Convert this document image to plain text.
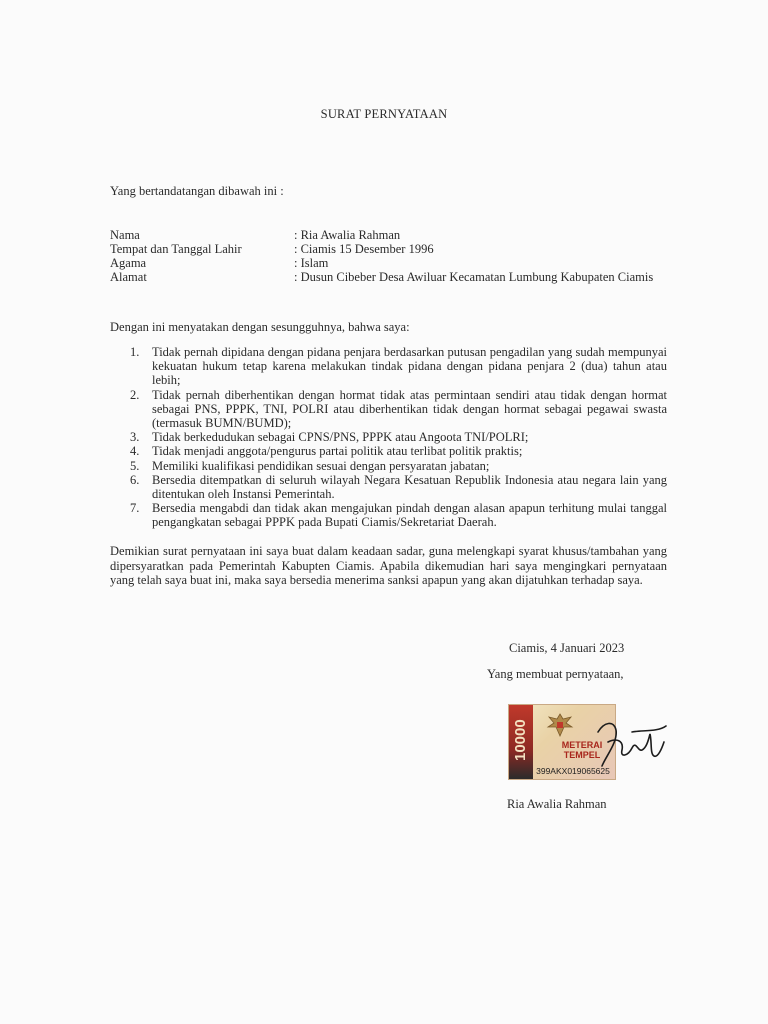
SURAT PERNYATAAN
Yang bertandatangan dibawah ini :
Nama	: Ria Awalia Rahman
Tempat dan Tanggal Lahir	: Ciamis 15 Desember 1996
Agama	: Islam
Alamat	: Dusun Cibeber Desa Awiluar Kecamatan Lumbung Kabupaten Ciamis
Dengan ini menyatakan dengan sesungguhnya, bahwa saya:
1.	Tidak pernah dipidana dengan pidana penjara berdasarkan putusan pengadilan yang sudah mempunyai kekuatan hukum tetap karena melakukan tindak pidana dengan pidana penjara 2 (dua) tahun atau lebih;
2.	Tidak pernah diberhentikan dengan hormat tidak atas permintaan sendiri atau tidak dengan hormat sebagai PNS, PPPK, TNI, POLRI atau diberhentikan tidak dengan hormat sebagai pegawai swasta (termasuk BUMN/BUMD);
3.	Tidak berkedudukan sebagai CPNS/PNS, PPPK atau Angoota TNI/POLRI;
4.	Tidak menjadi anggota/pengurus partai politik atau terlibat politik praktis;
5.	Memiliki kualifikasi pendidikan sesuai dengan persyaratan jabatan;
6.	Bersedia ditempatkan di seluruh wilayah Negara Kesatuan Republik Indonesia atau negara lain yang ditentukan oleh Instansi Pemerintah.
7.	Bersedia mengabdi dan tidak akan mengajukan pindah dengan alasan apapun terhitung mulai tanggal pengangkatan sebagai PPPK pada Bupati Ciamis/Sekretariat Daerah.
Demikian surat pernyataan ini saya buat dalam keadaan sadar, guna melengkapi syarat khusus/tambahan yang dipersyaratkan pada Pemerintah Kabupten Ciamis. Apabila dikemudian hari saya mengingkari pernyataan yang telah saya buat ini, maka saya bersedia menerima sanksi apapun yang akan dijatuhkan terhadap saya.
Ciamis, 4 Januari 2023
Yang membuat pernyataan,
10000	METERAI
TEMPEL
399AKX019065625
Ria Awalia Rahman
